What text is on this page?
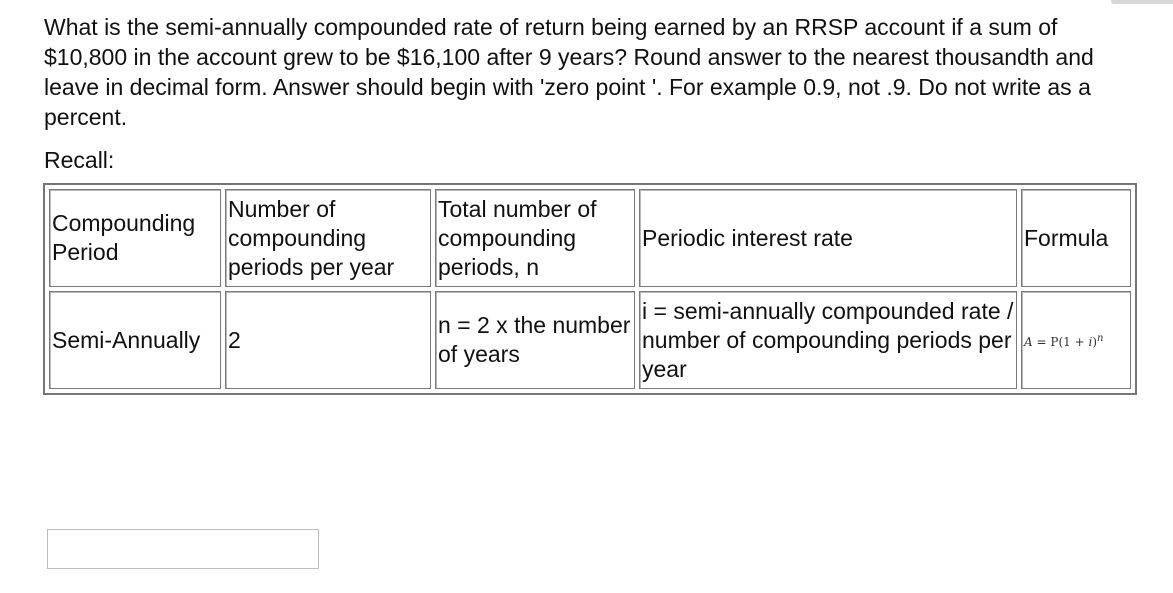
What is the semi-annually compounded rate of return being earned by an RRSP account if a sum of $10,800 in the account grew to be $16,100 after 9 years? Round answer to the nearest thousandth and leave in decimal form. Answer should begin with 'zero point '. For example 0.9, not .9. Do not write as a percent.

Recall:

Compounding Period	Number of compounding periods per year	Total number of compounding periods, n	Periodic interest rate	Formula
Semi-Annually	2	n = 2 x the number of years	i = semi-annually compounded rate / number of compounding periods per year	$A = P(1 + i)^n$
